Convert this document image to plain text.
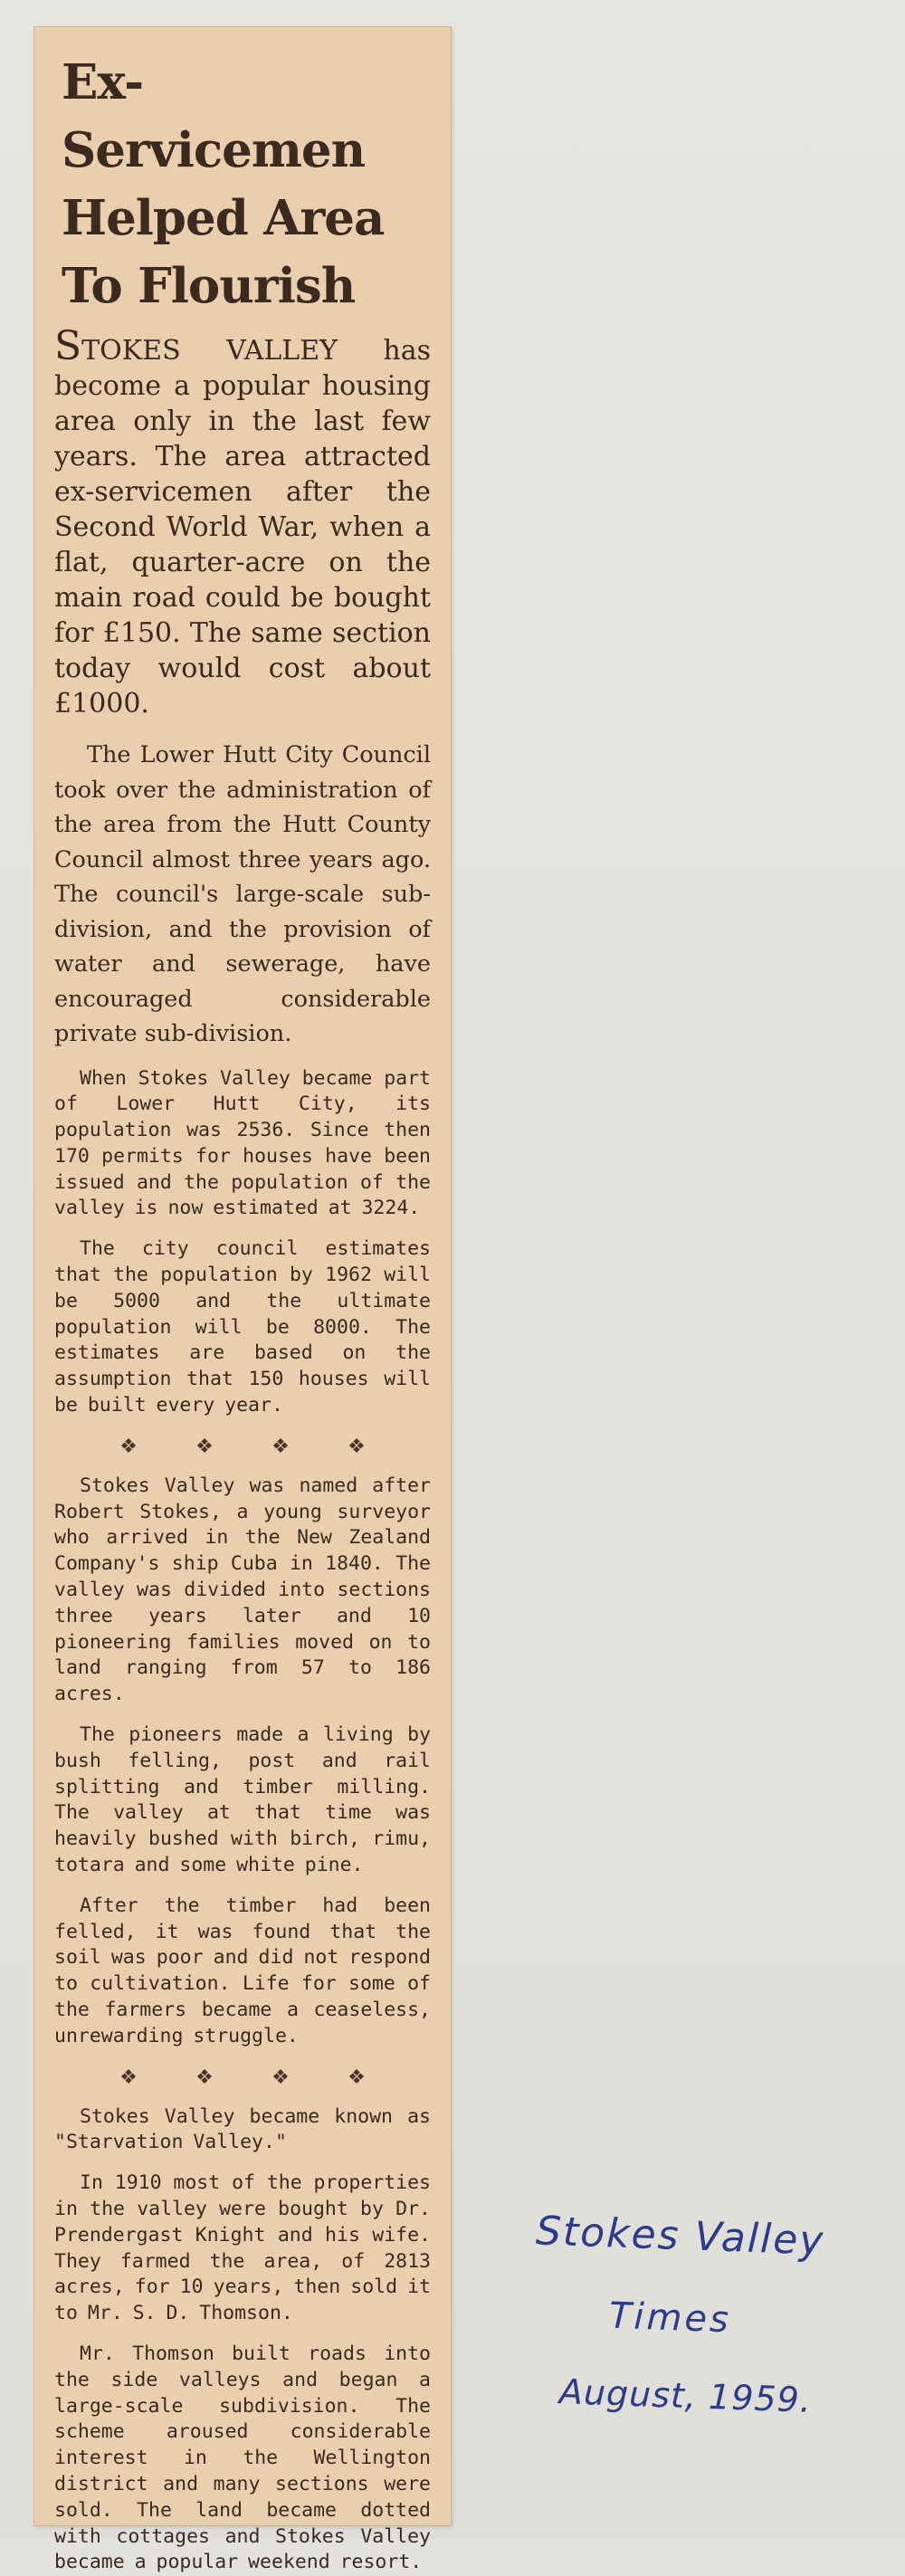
Ex-Servicemen
Helped Area
To Flourish

STOKES VALLEY has become a popular housing area only in the last few years. The area attracted ex-servicemen after the Second World War, when a flat, quarter-acre on the main road could be bought for £150. The same section today would cost about £1000.

The Lower Hutt City Council took over the administration of the area from the Hutt County Council almost three years ago. The council's large-scale sub-division, and the provision of water and sewerage, have encouraged considerable private sub-division.

When Stokes Valley became part of Lower Hutt City, its population was 2536. Since then 170 permits for houses have been issued and the population of the valley is now estimated at 3224.

The city council estimates that the population by 1962 will be 5000 and the ultimate population will be 8000. The estimates are based on the assumption that 150 houses will be built every year.

❖	❖	❖	❖

Stokes Valley was named after Robert Stokes, a young surveyor who arrived in the New Zealand Company's ship Cuba in 1840. The valley was divided into sections three years later and 10 pioneering families moved on to land ranging from 57 to 186 acres.

The pioneers made a living by bush felling, post and rail splitting and timber milling. The valley at that time was heavily bushed with birch, rimu, totara and some white pine.

After the timber had been felled, it was found that the soil was poor and did not respond to cultivation. Life for some of the farmers became a ceaseless, unrewarding struggle.

❖	❖	❖	❖

Stokes Valley became known as "Starvation Valley."

In 1910 most of the properties in the valley were bought by Dr. Prendergast Knight and his wife. They farmed the area, of 2813 acres, for 10 years, then sold it to Mr. S. D. Thomson.

Mr. Thomson built roads into the side valleys and began a large-scale subdivision. The scheme aroused considerable interest in the Wellington district and many sections were sold. The land became dotted with cottages and Stokes Valley became a popular weekend resort.

Stokes Valley
Times
August, 1959.
